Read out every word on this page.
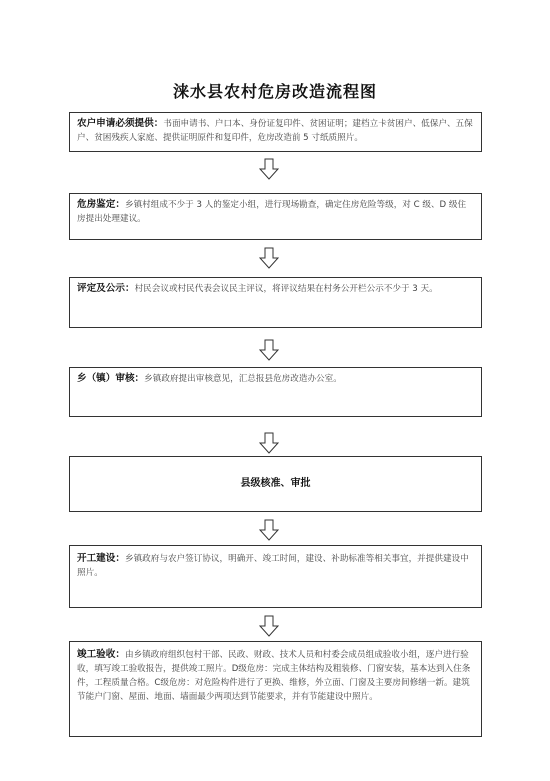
涞水县农村危房改造流程图
农户申请必须提供：书面申请书、户口本、身份证复印件、贫困证明；建档立卡贫困户、低保户、五保户、贫困残疾人家庭、提供证明原件和复印件，危房改造前 5 寸纸质照片。
危房鉴定：乡镇村组成不少于 3 人的鉴定小组，进行现场勘查，确定住房危险等级，对 C 级、D 级住房提出处理建议。
评定及公示：村民会议或村民代表会议民主评议，将评议结果在村务公开栏公示不少于 3 天。
乡（镇）审核：乡镇政府提出审核意见，汇总报县危房改造办公室。
县级核准、审批
开工建设：乡镇政府与农户签订协议，明确开、竣工时间，建设、补助标准等相关事宜，并提供建设中照片。
竣工验收：由乡镇政府组织包村干部、民政、财政、技术人员和村委会成员组成验收小组，逐户进行验收，填写竣工验收报告，提供竣工照片。D级危房：完成主体结构及粗装修、门窗安装，基本达到入住条件，工程质量合格。C级危房：对危险构件进行了更换、维修，外立面、门窗及主要房间修缮一新。建筑节能户门窗、屋面、地面、墙面最少两项达到节能要求，并有节能建设中照片。
